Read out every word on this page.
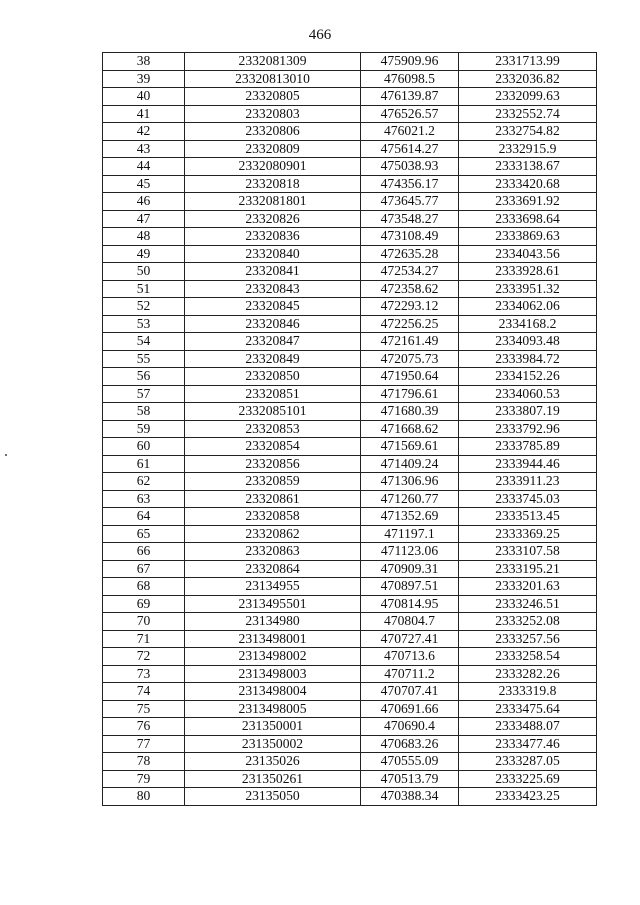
466
38	2332081309	475909.96	2331713.99
39	23320813010	476098.5	2332036.82
40	23320805	476139.87	2332099.63
41	23320803	476526.57	2332552.74
42	23320806	476021.2	2332754.82
43	23320809	475614.27	2332915.9
44	2332080901	475038.93	2333138.67
45	23320818	474356.17	2333420.68
46	2332081801	473645.77	2333691.92
47	23320826	473548.27	2333698.64
48	23320836	473108.49	2333869.63
49	23320840	472635.28	2334043.56
50	23320841	472534.27	2333928.61
51	23320843	472358.62	2333951.32
52	23320845	472293.12	2334062.06
53	23320846	472256.25	2334168.2
54	23320847	472161.49	2334093.48
55	23320849	472075.73	2333984.72
56	23320850	471950.64	2334152.26
57	23320851	471796.61	2334060.53
58	2332085101	471680.39	2333807.19
59	23320853	471668.62	2333792.96
60	23320854	471569.61	2333785.89
61	23320856	471409.24	2333944.46
62	23320859	471306.96	2333911.23
63	23320861	471260.77	2333745.03
64	23320858	471352.69	2333513.45
65	23320862	471197.1	2333369.25
66	23320863	471123.06	2333107.58
67	23320864	470909.31	2333195.21
68	23134955	470897.51	2333201.63
69	2313495501	470814.95	2333246.51
70	23134980	470804.7	2333252.08
71	2313498001	470727.41	2333257.56
72	2313498002	470713.6	2333258.54
73	2313498003	470711.2	2333282.26
74	2313498004	470707.41	2333319.8
75	2313498005	470691.66	2333475.64
76	231350001	470690.4	2333488.07
77	231350002	470683.26	2333477.46
78	23135026	470555.09	2333287.05
79	231350261	470513.79	2333225.69
80	23135050	470388.34	2333423.25
